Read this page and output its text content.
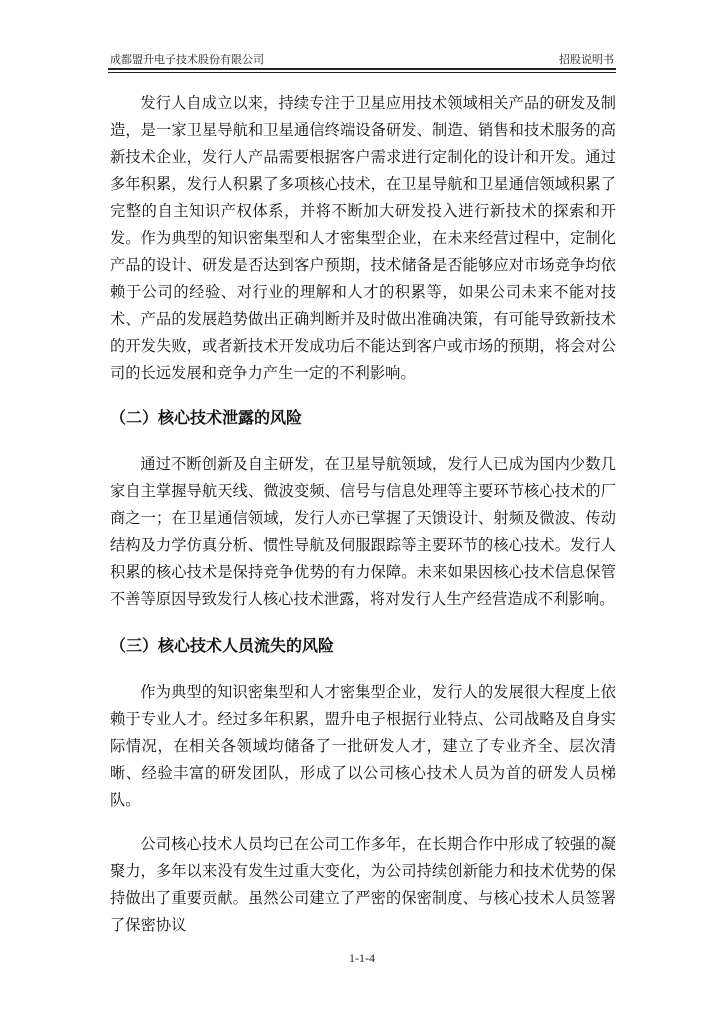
成都盟升电子技术股份有限公司	招股说明书

发行人自成立以来，持续专注于卫星应用技术领域相关产品的研发及制造，是一家卫星导航和卫星通信终端设备研发、制造、销售和技术服务的高新技术企业，发行人产品需要根据客户需求进行定制化的设计和开发。通过多年积累，发行人积累了多项核心技术，在卫星导航和卫星通信领域积累了完整的自主知识产权体系，并将不断加大研发投入进行新技术的探索和开发。作为典型的知识密集型和人才密集型企业，在未来经营过程中，定制化产品的设计、研发是否达到客户预期，技术储备是否能够应对市场竞争均依赖于公司的经验、对行业的理解和人才的积累等，如果公司未来不能对技术、产品的发展趋势做出正确判断并及时做出准确决策，有可能导致新技术的开发失败，或者新技术开发成功后不能达到客户或市场的预期，将会对公司的长远发展和竞争力产生一定的不利影响。

（二）核心技术泄露的风险

通过不断创新及自主研发，在卫星导航领域，发行人已成为国内少数几家自主掌握导航天线、微波变频、信号与信息处理等主要环节核心技术的厂商之一；在卫星通信领域，发行人亦已掌握了天馈设计、射频及微波、传动结构及力学仿真分析、惯性导航及伺服跟踪等主要环节的核心技术。发行人积累的核心技术是保持竞争优势的有力保障。未来如果因核心技术信息保管不善等原因导致发行人核心技术泄露，将对发行人生产经营造成不利影响。

（三）核心技术人员流失的风险

作为典型的知识密集型和人才密集型企业，发行人的发展很大程度上依赖于专业人才。经过多年积累，盟升电子根据行业特点、公司战略及自身实际情况，在相关各领域均储备了一批研发人才，建立了专业齐全、层次清晰、经验丰富的研发团队，形成了以公司核心技术人员为首的研发人员梯队。

公司核心技术人员均已在公司工作多年，在长期合作中形成了较强的凝聚力，多年以来没有发生过重大变化，为公司持续创新能力和技术优势的保持做出了重要贡献。虽然公司建立了严密的保密制度、与核心技术人员签署了保密协议

1-1-4
